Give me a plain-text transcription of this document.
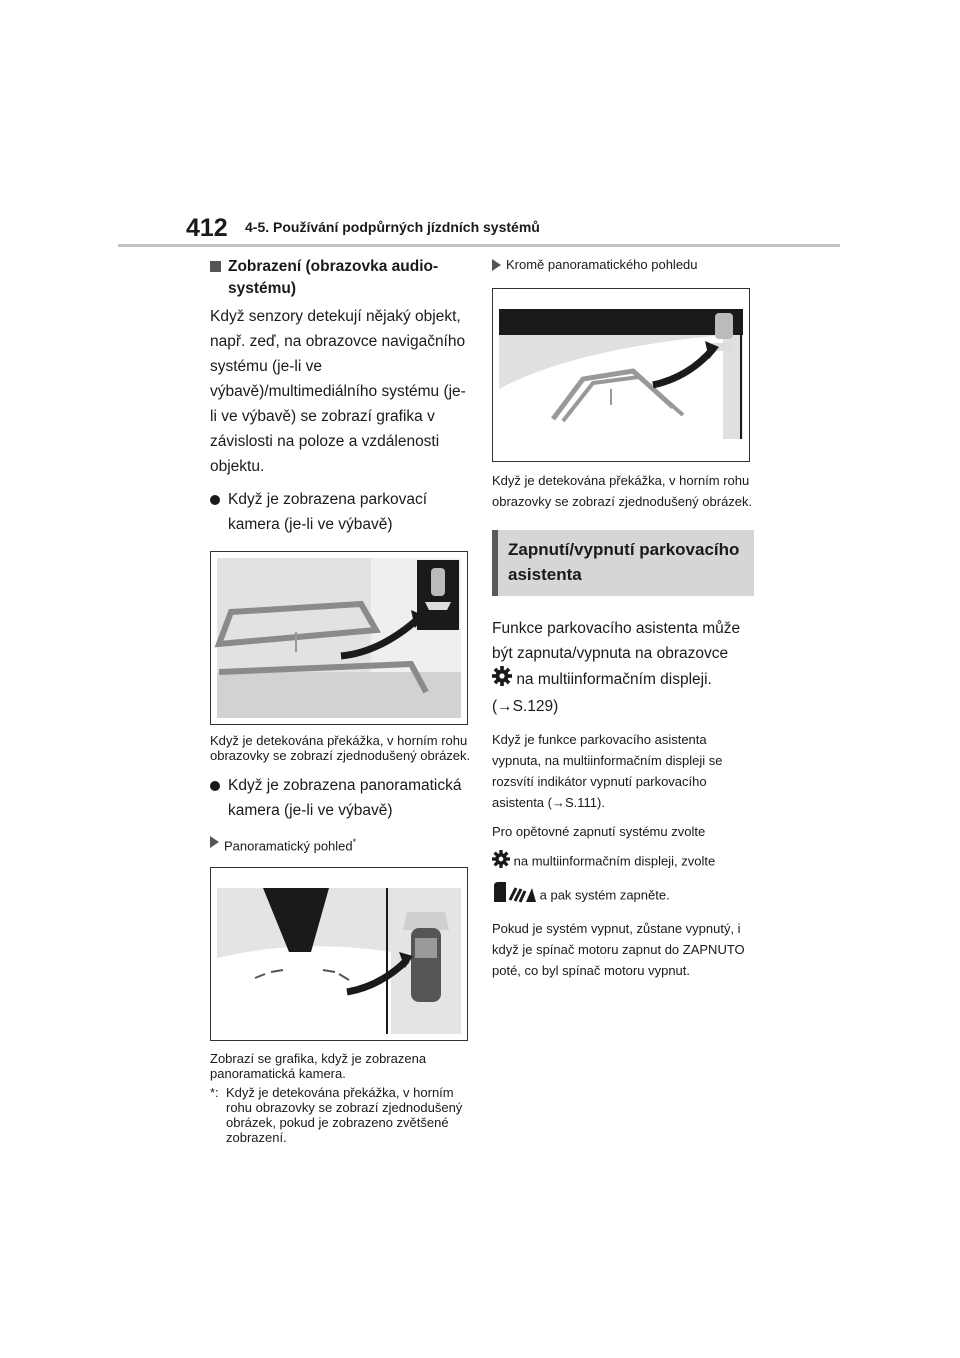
412 4-5. Používání podpůrných jízdních systémů
Zobrazení (obrazovka audio-systému)

Když senzory detekují nějaký objekt, např. zeď, na obrazovce navigačního systému (je-li ve výbavě)/multimediálního systému (je-li ve výbavě) se zobrazí grafika v závislosti na poloze a vzdálenosti objektu.

Když je zobrazena parkovací kamera (je-li ve výbavě)

Když je detekována překážka, v horním rohu obrazovky se zobrazí zjednodušený obrázek.

Když je zobrazena panoramatická kamera (je-li ve výbavě)
Panoramatický pohled*

Zobrazí se grafika, když je zobrazena panoramatická kamera.

*: Když je detekována překážka, v horním rohu obrazovky se zobrazí zjednodušený obrázek, pokud je zobrazeno zvětšené zobrazení.
Kromě panoramatického pohledu

Když je detekována překážka, v horním rohu obrazovky se zobrazí zjednodušený obrázek.

Zapnutí/vypnutí parkovacího asistenta

Funkce parkovacího asistenta může být zapnuta/vypnuta na obrazovce
na multiinformačním displeji.
(→S.129)

Když je funkce parkovacího asistenta vypnuta, na multiinformačním displeji se rozsvítí indikátor vypnutí parkovacího asistenta (→S.111).

Pro opětovné zapnutí systému zvolte

na multiinformačním displeji, zvolte

a pak systém zapněte.

Pokud je systém vypnut, zůstane vypnutý, i když je spínač motoru zapnut do ZAPNUTO poté, co byl spínač motoru vypnut.
